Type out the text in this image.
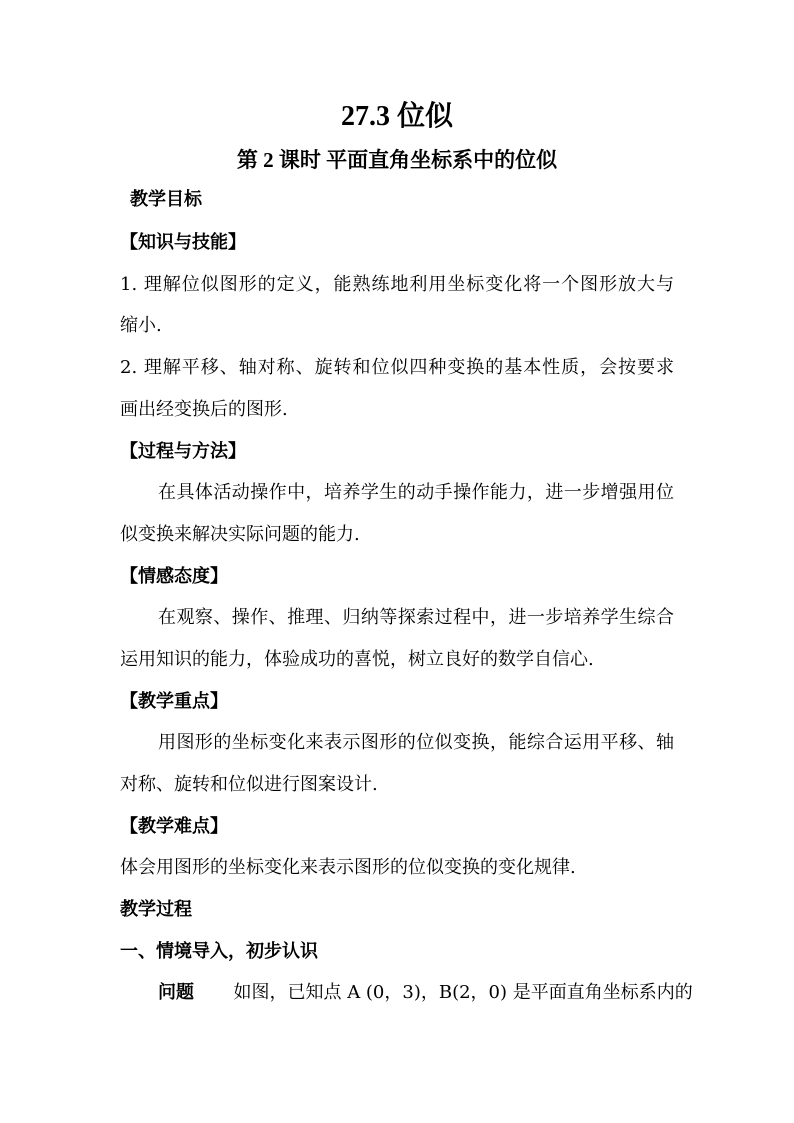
27.3 位似
第 2 课时 平面直角坐标系中的位似
教学目标
【知识与技能】
1. 理解位似图形的定义，能熟练地利用坐标变化将一个图形放大与
缩小.
2. 理解平移、轴对称、旋转和位似四种变换的基本性质，会按要求
画出经变换后的图形.
【过程与方法】
在具体活动操作中，培养学生的动手操作能力，进一步增强用位
似变换来解决实际问题的能力.
【情感态度】
在观察、操作、推理、归纳等探索过程中，进一步培养学生综合
运用知识的能力，体验成功的喜悦，树立良好的数学自信心.
【教学重点】
用图形的坐标变化来表示图形的位似变换，能综合运用平移、轴
对称、旋转和位似进行图案设计.
【教学难点】
体会用图形的坐标变化来表示图形的位似变换的变化规律.
教学过程
一、情境导入，初步认识
问题 如图，已知点 A (0，3)，B(2，0) 是平面直角坐标系内的
